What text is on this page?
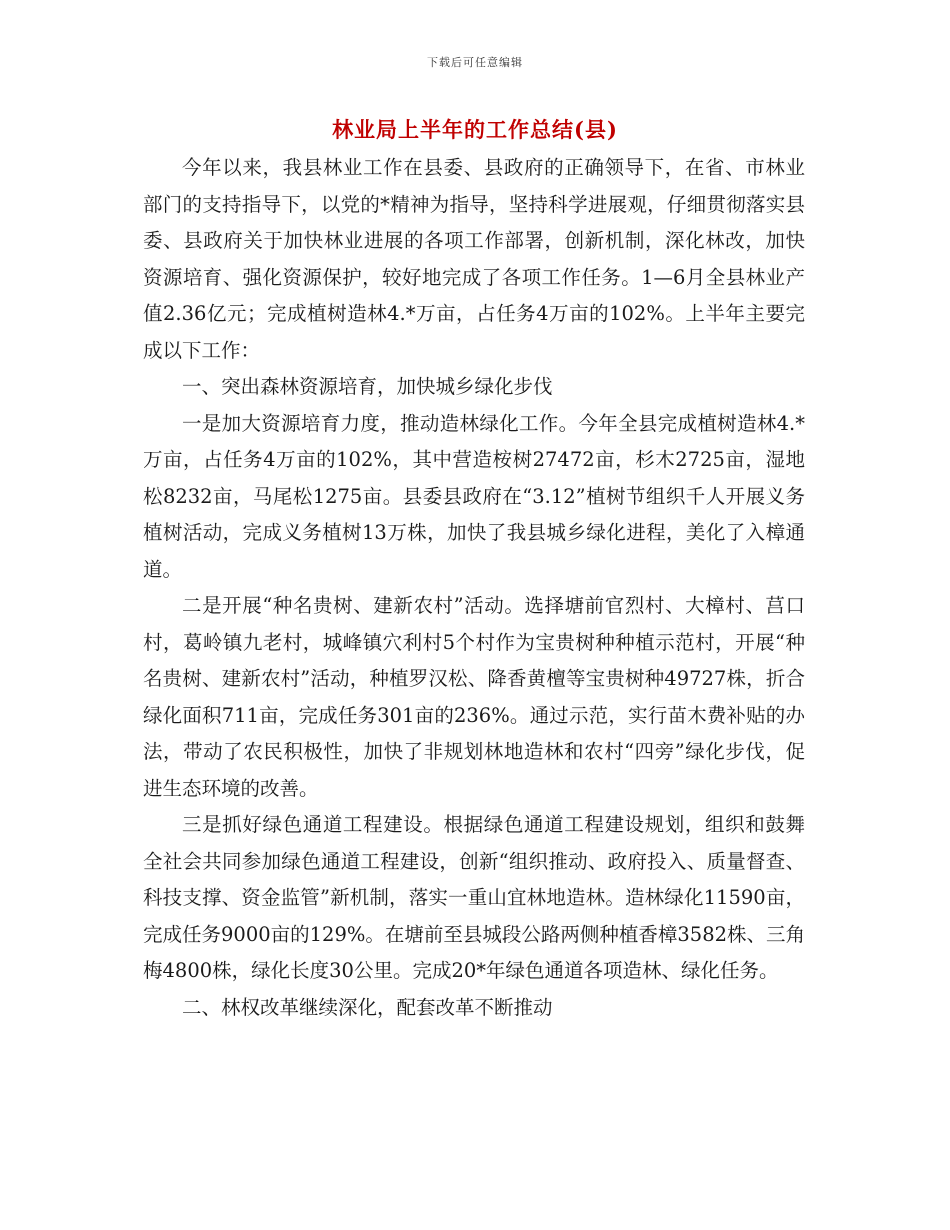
下载后可任意编辑
林业局上半年的工作总结(县)

今年以来，我县林业工作在县委、县政府的正确领导下，在省、市林业部门的支持指导下，以党的*精神为指导，坚持科学进展观，仔细贯彻落实县委、县政府关于加快林业进展的各项工作部署，创新机制，深化林改，加快资源培育、强化资源保护，较好地完成了各项工作任务。1—6月全县林业产值2.36亿元；完成植树造林4.*万亩，占任务4万亩的102%。上半年主要完成以下工作：

一、突出森林资源培育，加快城乡绿化步伐

一是加大资源培育力度，推动造林绿化工作。今年全县完成植树造林4.*万亩，占任务4万亩的102%，其中营造桉树27472亩，杉木2725亩，湿地松8232亩，马尾松1275亩。县委县政府在“3.12”植树节组织千人开展义务植树活动，完成义务植树13万株，加快了我县城乡绿化进程，美化了入樟通道。

二是开展“种名贵树、建新农村”活动。选择塘前官烈村、大樟村、莒口村，葛岭镇九老村，城峰镇穴利村5个村作为宝贵树种种植示范村，开展“种名贵树、建新农村”活动，种植罗汉松、降香黄檀等宝贵树种49727株，折合绿化面积711亩，完成任务301亩的236%。通过示范，实行苗木费补贴的办法，带动了农民积极性，加快了非规划林地造林和农村“四旁”绿化步伐，促进生态环境的改善。

三是抓好绿色通道工程建设。根据绿色通道工程建设规划，组织和鼓舞全社会共同参加绿色通道工程建设，创新“组织推动、政府投入、质量督查、科技支撑、资金监管”新机制，落实一重山宜林地造林。造林绿化11590亩，完成任务9000亩的129%。在塘前至县城段公路两侧种植香樟3582株、三角梅4800株，绿化长度30公里。完成20*年绿色通道各项造林、绿化任务。

二、林权改革继续深化，配套改革不断推动
